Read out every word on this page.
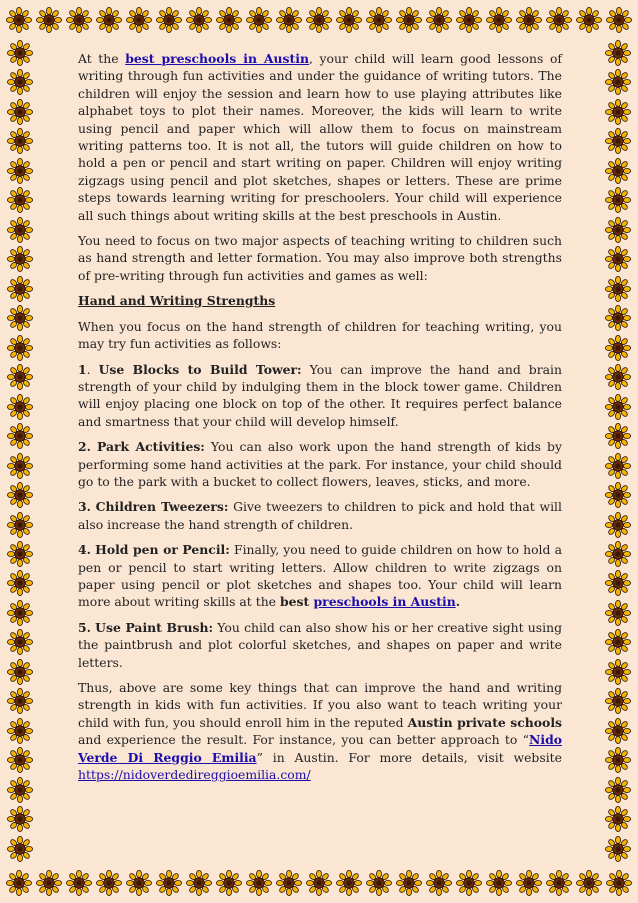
At the best preschools in Austin, your child will learn good lessons of writing through fun activities and under the guidance of writing tutors. The children will enjoy the session and learn how to use playing attributes like alphabet toys to plot their names. Moreover, the kids will learn to write using pencil and paper which will allow them to focus on mainstream writing patterns too. It is not all, the tutors will guide children on how to hold a pen or pencil and start writing on paper. Children will enjoy writing zigzags using pencil and plot sketches, shapes or letters. These are prime steps towards learning writing for preschoolers. Your child will experience all such things about writing skills at the best preschools in Austin.

You need to focus on two major aspects of teaching writing to children such as hand strength and letter formation. You may also improve both strengths of pre-writing through fun activities and games as well:

Hand and Writing Strengths

When you focus on the hand strength of children for teaching writing, you may try fun activities as follows:

1. Use Blocks to Build Tower: You can improve the hand and brain strength of your child by indulging them in the block tower game. Children will enjoy placing one block on top of the other. It requires perfect balance and smartness that your child will develop himself.

2. Park Activities: You can also work upon the hand strength of kids by performing some hand activities at the park. For instance, your child should go to the park with a bucket to collect flowers, leaves, sticks, and more.

3. Children Tweezers: Give tweezers to children to pick and hold that will also increase the hand strength of children.

4. Hold pen or Pencil: Finally, you need to guide children on how to hold a pen or pencil to start writing letters. Allow children to write zigzags on paper using pencil or plot sketches and shapes too. Your child will learn more about writing skills at the best preschools in Austin.

5. Use Paint Brush: You child can also show his or her creative sight using the paintbrush and plot colorful sketches, and shapes on paper and write letters.

Thus, above are some key things that can improve the hand and writing strength in kids with fun activities. If you also want to teach writing your child with fun, you should enroll him in the reputed Austin private schools and experience the result. For instance, you can better approach to “Nido Verde Di Reggio Emilia” in Austin. For more details, visit website https://nidoverdedireggioemilia.com/
